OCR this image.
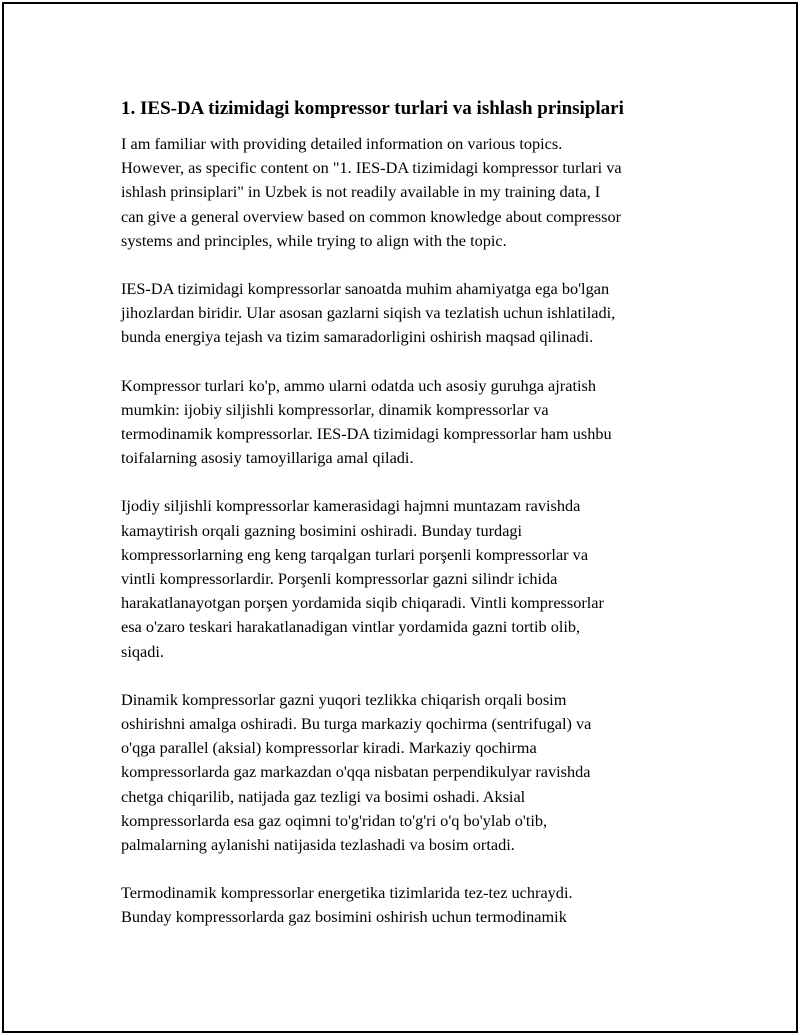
1. IES-DA tizimidagi kompressor turlari va ishlash prinsiplari

I am familiar with providing detailed information on various topics.
However, as specific content on "1. IES-DA tizimidagi kompressor turlari va
ishlash prinsiplari" in Uzbek is not readily available in my training data, I
can give a general overview based on common knowledge about compressor
systems and principles, while trying to align with the topic.

IES-DA tizimidagi kompressorlar sanoatda muhim ahamiyatga ega bo'lgan
jihozlardan biridir. Ular asosan gazlarni siqish va tezlatish uchun ishlatiladi,
bunda energiya tejash va tizim samaradorligini oshirish maqsad qilinadi.

Kompressor turlari ko'p, ammo ularni odatda uch asosiy guruhga ajratish
mumkin: ijobiy siljishli kompressorlar, dinamik kompressorlar va
termodinamik kompressorlar. IES-DA tizimidagi kompressorlar ham ushbu
toifalarning asosiy tamoyillariga amal qiladi.

Ijodiy siljishli kompressorlar kamerasidagi hajmni muntazam ravishda
kamaytirish orqali gazning bosimini oshiradi. Bunday turdagi
kompressorlarning eng keng tarqalgan turlari porşenli kompressorlar va
vintli kompressorlardir. Porşenli kompressorlar gazni silindr ichida
harakatlanayotgan porşen yordamida siqib chiqaradi. Vintli kompressorlar
esa o'zaro teskari harakatlanadigan vintlar yordamida gazni tortib olib,
siqadi.

Dinamik kompressorlar gazni yuqori tezlikka chiqarish orqali bosim
oshirishni amalga oshiradi. Bu turga markaziy qochirma (sentrifugal) va
o'qga parallel (aksial) kompressorlar kiradi. Markaziy qochirma
kompressorlarda gaz markazdan o'qqa nisbatan perpendikulyar ravishda
chetga chiqarilib, natijada gaz tezligi va bosimi oshadi. Aksial
kompressorlarda esa gaz oqimni to'g'ridan to'g'ri o'q bo'ylab o'tib,
palmalarning aylanishi natijasida tezlashadi va bosim ortadi.

Termodinamik kompressorlar energetika tizimlarida tez-tez uchraydi.
Bunday kompressorlarda gaz bosimini oshirish uchun termodinamik
